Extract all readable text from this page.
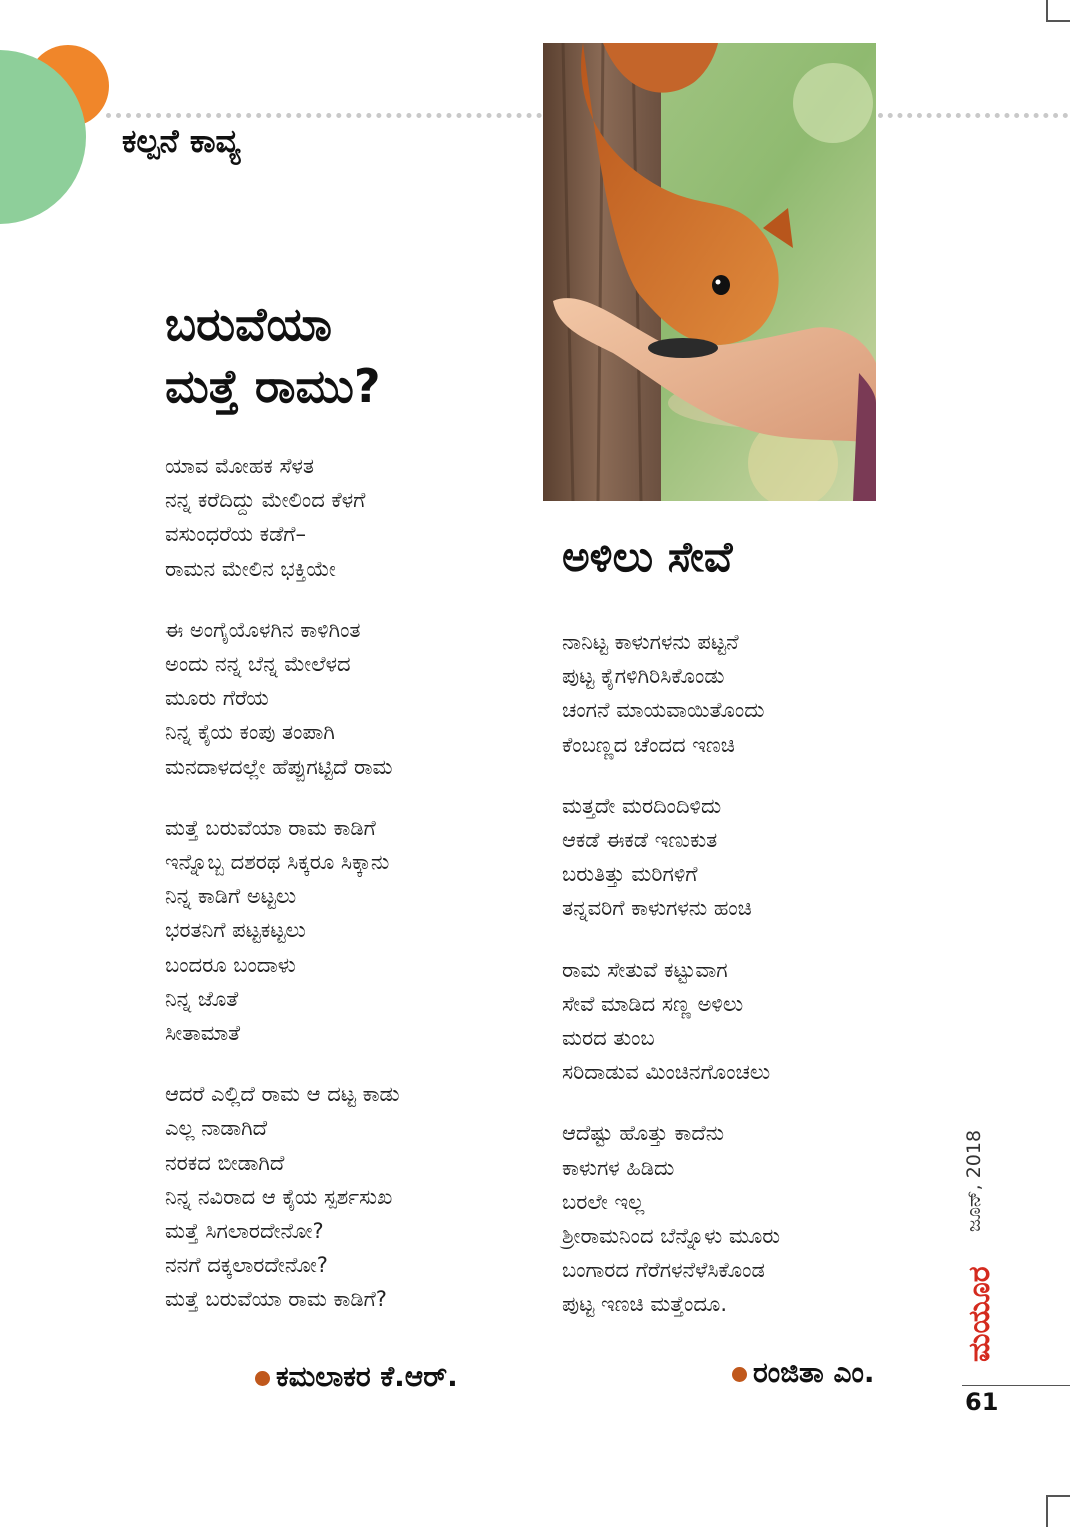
ಕಲ್ಪನೆ ಕಾವ್ಯ
ಬರುವೆಯಾ
ಮತ್ತೆ ರಾಮು?
ಯಾವ ಮೋಹಕ ಸೆಳತ
ನನ್ನ ಕರೆದಿದ್ದು ಮೇಲಿಂದ ಕೆಳಗೆ
ವಸುಂಧರೆಯ ಕಡೆಗೆ–
ರಾಮನ ಮೇಲಿನ ಭಕ್ತಿಯೇ
ಈ ಅಂಗೈಯೊಳಗಿನ ಕಾಳಿಗಿಂತ
ಅಂದು ನನ್ನ ಬೆನ್ನ ಮೇಲೆಳದ
ಮೂರು ಗೆರೆಯ
ನಿನ್ನ ಕೈಯ ಕಂಪು ತಂಪಾಗಿ
ಮನದಾಳದಲ್ಲೇ ಹೆಪ್ಪುಗಟ್ಟಿದೆ ರಾಮ
ಮತ್ತೆ ಬರುವೆಯಾ ರಾಮ ಕಾಡಿಗೆ
ಇನ್ನೊಬ್ಬ ದಶರಥ ಸಿಕ್ಕರೂ ಸಿಕ್ಕಾನು
ನಿನ್ನ ಕಾಡಿಗೆ ಅಟ್ಟಲು
ಭರತನಿಗೆ ಪಟ್ಟಕಟ್ಟಲು
ಬಂದರೂ ಬಂದಾಳು
ನಿನ್ನ ಜೊತೆ
ಸೀತಾಮಾತೆ
ಆದರೆ ಎಲ್ಲಿದೆ ರಾಮ ಆ ದಟ್ಟ ಕಾಡು
ಎಲ್ಲ ನಾಡಾಗಿದೆ
ನರಕದ ಬೀಡಾಗಿದೆ
ನಿನ್ನ ನವಿರಾದ ಆ ಕೈಯ ಸ್ಪರ್ಶಸುಖ
ಮತ್ತೆ ಸಿಗಲಾರದೇನೋ?
ನನಗೆ ದಕ್ಕಲಾರದೇನೋ?
ಮತ್ತೆ ಬರುವೆಯಾ ರಾಮ ಕಾಡಿಗೆ?
ಕಮಲಾಕರ ಕೆ.ಆರ್.
ಅಳಿಲು ಸೇವೆ
ನಾನಿಟ್ಟ ಕಾಳುಗಳನು ಪಟ್ಟನೆ
ಪುಟ್ಟ ಕೈಗಳಿಗಿರಿಸಿಕೊಂಡು
ಚಂಗನೆ ಮಾಯವಾಯಿತೊಂದು
ಕೆಂಬಣ್ಣದ ಚೆಂದದ ಇಣಚಿ
ಮತ್ತದೇ ಮರದಿಂದಿಳಿದು
ಆಕಡೆ ಈಕಡೆ ಇಣುಕುತ
ಬರುತಿತ್ತು ಮರಿಗಳಿಗೆ
ತನ್ನವರಿಗೆ ಕಾಳುಗಳನು ಹಂಚಿ
ರಾಮ ಸೇತುವೆ ಕಟ್ಟುವಾಗ
ಸೇವೆ ಮಾಡಿದ ಸಣ್ಣ ಅಳಿಲು
ಮರದ ತುಂಬ
ಸರಿದಾಡುವ ಮಿಂಚಿನಗೊಂಚಲು
ಆದೆಷ್ಟು ಹೊತ್ತು ಕಾದೆನು
ಕಾಳುಗಳ ಹಿಡಿದು
ಬರಲೇ ಇಲ್ಲ
ಶ್ರೀರಾಮನಿಂದ ಬೆನ್ನೊಳು ಮೂರು
ಬಂಗಾರದ ಗೆರೆಗಳನೆಳೆಸಿಕೊಂಡ
ಪುಟ್ಟ ಇಣಚಿ ಮತ್ತೆಂದೂ.
ರಂಜಿತಾ ಎಂ.
ಜೂನ್, 2018
ಮಯೂರ
61
